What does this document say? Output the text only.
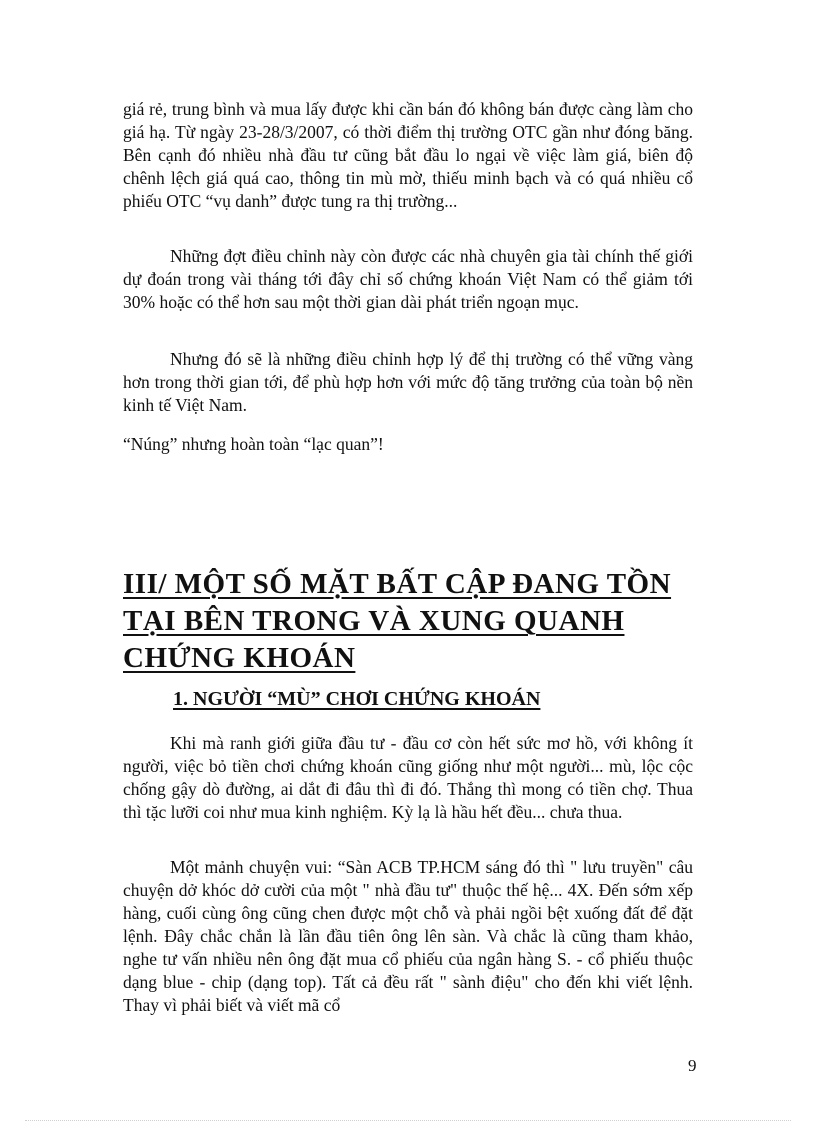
giá rẻ, trung bình và mua lấy được khi cần bán đó không bán được càng làm cho giá hạ. Từ ngày 23-28/3/2007, có thời điểm thị trường OTC gần như đóng băng. Bên cạnh đó nhiều nhà đầu tư cũng bắt đầu lo ngại về việc làm giá, biên độ chênh lệch giá quá cao, thông tin mù mờ, thiếu minh bạch và có quá nhiều cổ phiếu OTC “vụ danh” được tung ra thị trường...

Những đợt điều chỉnh này còn được các nhà chuyên gia tài chính thế giới dự đoán trong vài tháng tới đây chỉ số chứng khoán Việt Nam có thể giảm tới 30% hoặc có thể hơn sau một thời gian dài phát triển ngoạn mục.

Nhưng đó sẽ là những điều chỉnh hợp lý để thị trường có thể vững vàng hơn trong thời gian tới, để phù hợp hơn với mức độ tăng trưởng của toàn bộ nền kinh tế Việt Nam.

“Núng” nhưng hoàn toàn “lạc quan”!

III/ MỘT SỐ MẶT BẤT CẬP ĐANG TỒN
TẠI BÊN TRONG VÀ XUNG QUANH
CHỨNG KHOÁN
1. NGƯỜI “MÙ” CHƠI CHỨNG KHOÁN

Khi mà ranh giới giữa đầu tư - đầu cơ còn hết sức mơ hồ, với không ít người, việc bỏ tiền chơi chứng khoán cũng giống như một người... mù, lộc cộc chống gậy dò đường, ai dắt đi đâu thì đi đó. Thắng thì mong có tiền chợ. Thua thì tặc lưỡi coi như mua kinh nghiệm. Kỳ lạ là hầu hết đều... chưa thua.

Một mảnh chuyện vui: “Sàn ACB TP.HCM sáng đó thì " lưu truyền" câu chuyện dở khóc dở cười của một " nhà đầu tư" thuộc thế hệ... 4X. Đến sớm xếp hàng, cuối cùng ông cũng chen được một chỗ và phải ngồi bệt xuống đất để đặt lệnh. Đây chắc chắn là lần đầu tiên ông lên sàn. Và chắc là cũng tham khảo, nghe tư vấn nhiều nên ông đặt mua cổ phiếu của ngân hàng S. - cổ phiếu thuộc dạng blue - chip (dạng top). Tất cả đều rất " sành điệu" cho đến khi viết lệnh. Thay vì phải biết và viết mã cổ

9
